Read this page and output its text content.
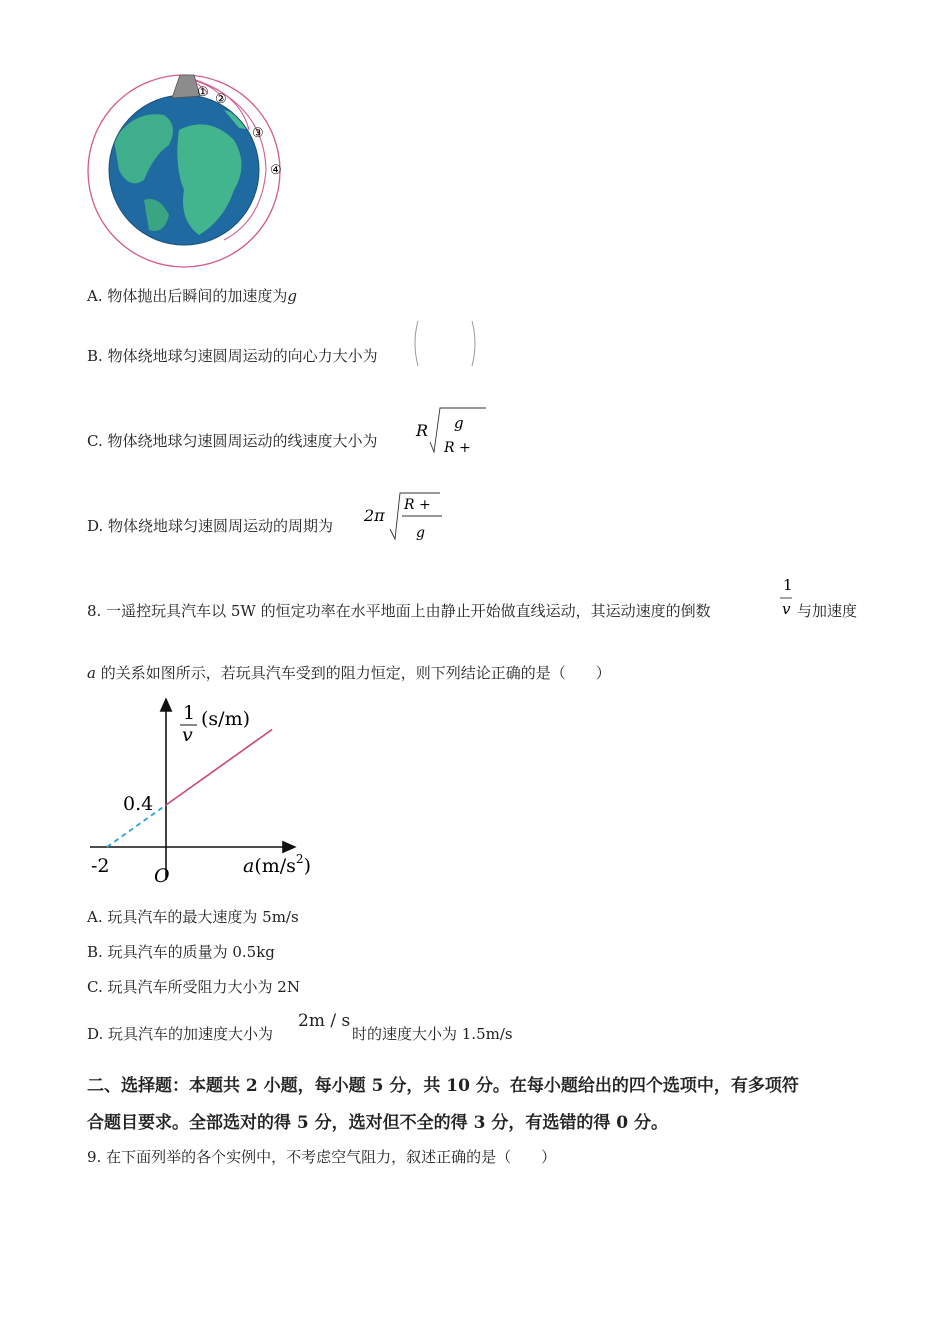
① ②
③
④
A. 物体抛出后瞬间的加速度为g
B. 物体绕地球匀速圆周运动的向心力大小为
C. 物体绕地球匀速圆周运动的线速度大小为
R g
R +
D. 物体绕地球匀速圆周运动的周期为
2π
R +
g
8. 一遥控玩具汽车以 5W 的恒定功率在水平地面上由静止开始做直线运动，其运动速度的倒数
1
v 与加速度
a 的关系如图所示，若玩具汽车受到的阻力恒定，则下列结论正确的是（　　）
1
v
(s/m)
0.4
-2 O	$a(m/s^2)$
A. 玩具汽车的最大速度为 5m/s
B. 玩具汽车的质量为 0.5kg
C. 玩具汽车所受阻力大小为 2N
D. 玩具汽车的加速度大小为
2m / s
时的速度大小为 1.5m/s
二、选择题：本题共 2 小题，每小题 5 分，共 10 分。在每小题给出的四个选项中，有多项符
合题目要求。全部选对的得 5 分，选对但不全的得 3 分，有选错的得 0 分。
9. 在下面列举的各个实例中，不考虑空气阻力，叙述正确的是（　　）
